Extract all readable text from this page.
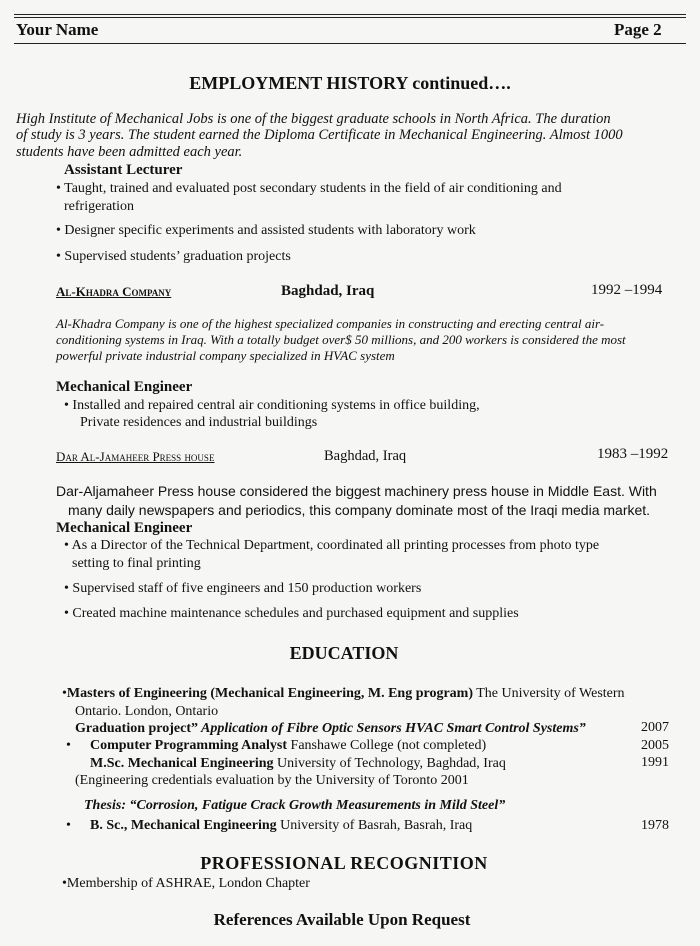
Your Name	Page 2
EMPLOYMENT HISTORY continued….
High Institute of Mechanical Jobs is one of the biggest graduate schools in North Africa. The duration
of study is 3 years. The student earned the Diploma Certificate in Mechanical Engineering. Almost 1000
students have been admitted each year.
Assistant Lecturer
• Taught, trained and evaluated post secondary students in the field of air conditioning and
refrigeration
• Designer specific experiments and assisted students with laboratory work
• Supervised students’ graduation projects
Al-Khadra Company	Baghdad, Iraq	1992 –1994
Al-Khadra Company is one of the highest specialized companies in constructing and erecting central air-
conditioning systems in Iraq. With a totally budget over$ 50 millions, and 200 workers is considered the most
powerful private industrial company specialized in HVAC system
Mechanical Engineer
• Installed and repaired central air conditioning systems in office building,
Private residences and industrial buildings
Dar Al-Jamaheer Press house	Baghdad, Iraq	1983 –1992
Dar-Aljamaheer Press house considered the biggest machinery press house in Middle East. With
many daily newspapers and periodics, this company dominate most of the Iraqi media market.
Mechanical Engineer
• As a Director of the Technical Department, coordinated all printing processes from photo type
setting to final printing
• Supervised staff of five engineers and 150 production workers
• Created machine maintenance schedules and purchased equipment and supplies
EDUCATION
•Masters of Engineering (Mechanical Engineering, M. Eng program) The University of Western
Ontario. London, Ontario
Graduation project” Application of Fibre Optic Sensors HVAC Smart Control Systems”	2007
• Computer Programming Analyst Fanshawe College (not completed)	2005
M.Sc. Mechanical Engineering University of Technology, Baghdad, Iraq	1991
(Engineering credentials evaluation by the University of Toronto 2001
Thesis: “Corrosion, Fatigue Crack Growth Measurements in Mild Steel”
• B. Sc., Mechanical Engineering University of Basrah, Basrah, Iraq	1978
PROFESSIONAL RECOGNITION
•Membership of ASHRAE, London Chapter
References Available Upon Request
